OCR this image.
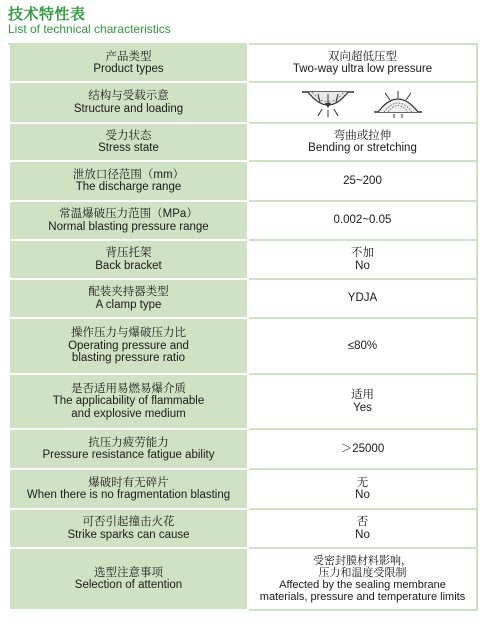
技术特性表
List of technical characteristics
产品类型
Product types	双向超低压型
Two-way ultra low pressure

结构与受载示意
Structure and loading

受力状态
Stress state	弯曲或拉伸
Bending or stretching

泄放口径范围（mm）
The discharge range	25~200

常温爆破压力范围（MPa）
Normal blasting pressure range	0.002~0.05

背压托架
Back bracket	不加
No

配装夹持器类型
A clamp type	YDJA

操作压力与爆破压力比
Operating pressure and
blasting pressure ratio	≤80%

是否适用易燃易爆介质
The applicability of flammable
and explosive medium	适用
Yes

抗压力疲劳能力
Pressure resistance fatigue ability	＞25000

爆破时有无碎片
When there is no fragmentation blasting	无
No

可否引起撞击火花
Strike sparks can cause	否
No

选型注意事项
Selection of attention	受密封膜材料影响，
压力和温度受限制
Affected by the sealing membrane
materials, pressure and temperature limits
